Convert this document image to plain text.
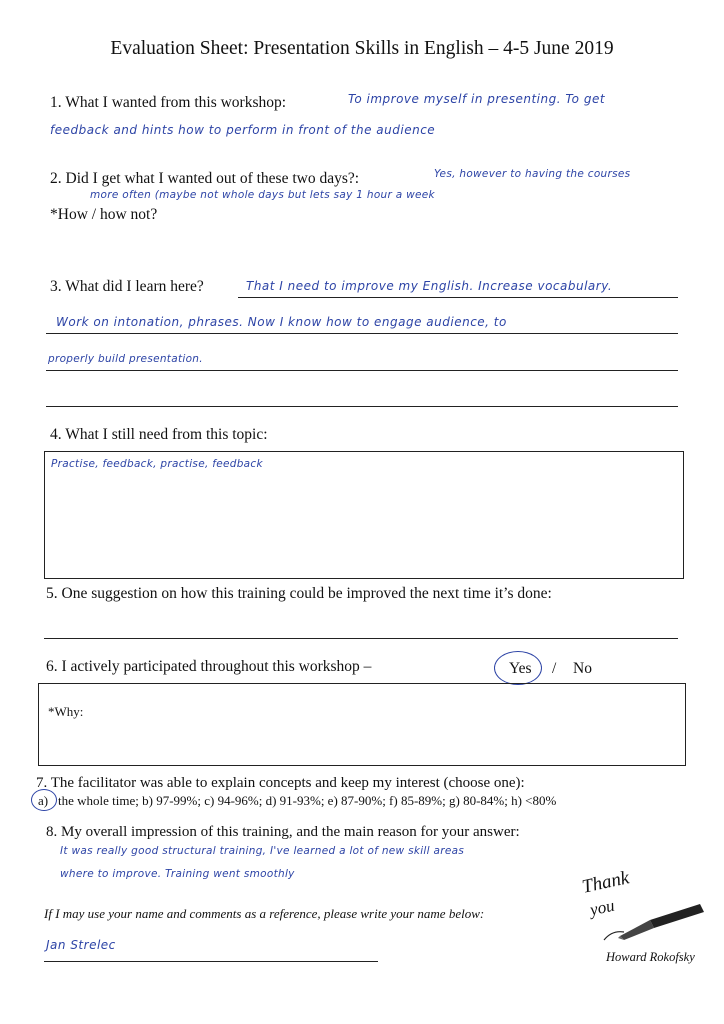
Evaluation Sheet: Presentation Skills in English – 4-5 June 2019
1. What I wanted from this workshop:	To improve myself in presenting. To get
feedback and hints how to perform in front of the audience
2. Did I get what I wanted out of these two days?:	Yes, however to having the courses
more often (maybe not whole days but lets say 1 hour a week
*How / how not?
3. What did I learn here?	That I need to improve my English. Increase vocabulary.
Work on intonation, phrases. Now I know how to engage audience, to
properly build presentation.
4. What I still need from this topic:
Practise, feedback, practise, feedback
5. One suggestion on how this training could be improved the next time it’s done:
6. I actively participated throughout this workshop –	Yes / No
*Why:
7. The facilitator was able to explain concepts and keep my interest (choose one):
a) the whole time; b) 97-99%; c) 94-96%; d) 91-93%; e) 87-90%; f) 85-89%; g) 80-84%; h) <80%
8. My overall impression of this training, and the main reason for your answer:
It was really good structural training, I've learned a lot of new skill areas
where to improve. Training went smoothly
If I may use your name and comments as a reference, please write your name below:
Jan Strelec
Thank
you
Howard Rokofsky
